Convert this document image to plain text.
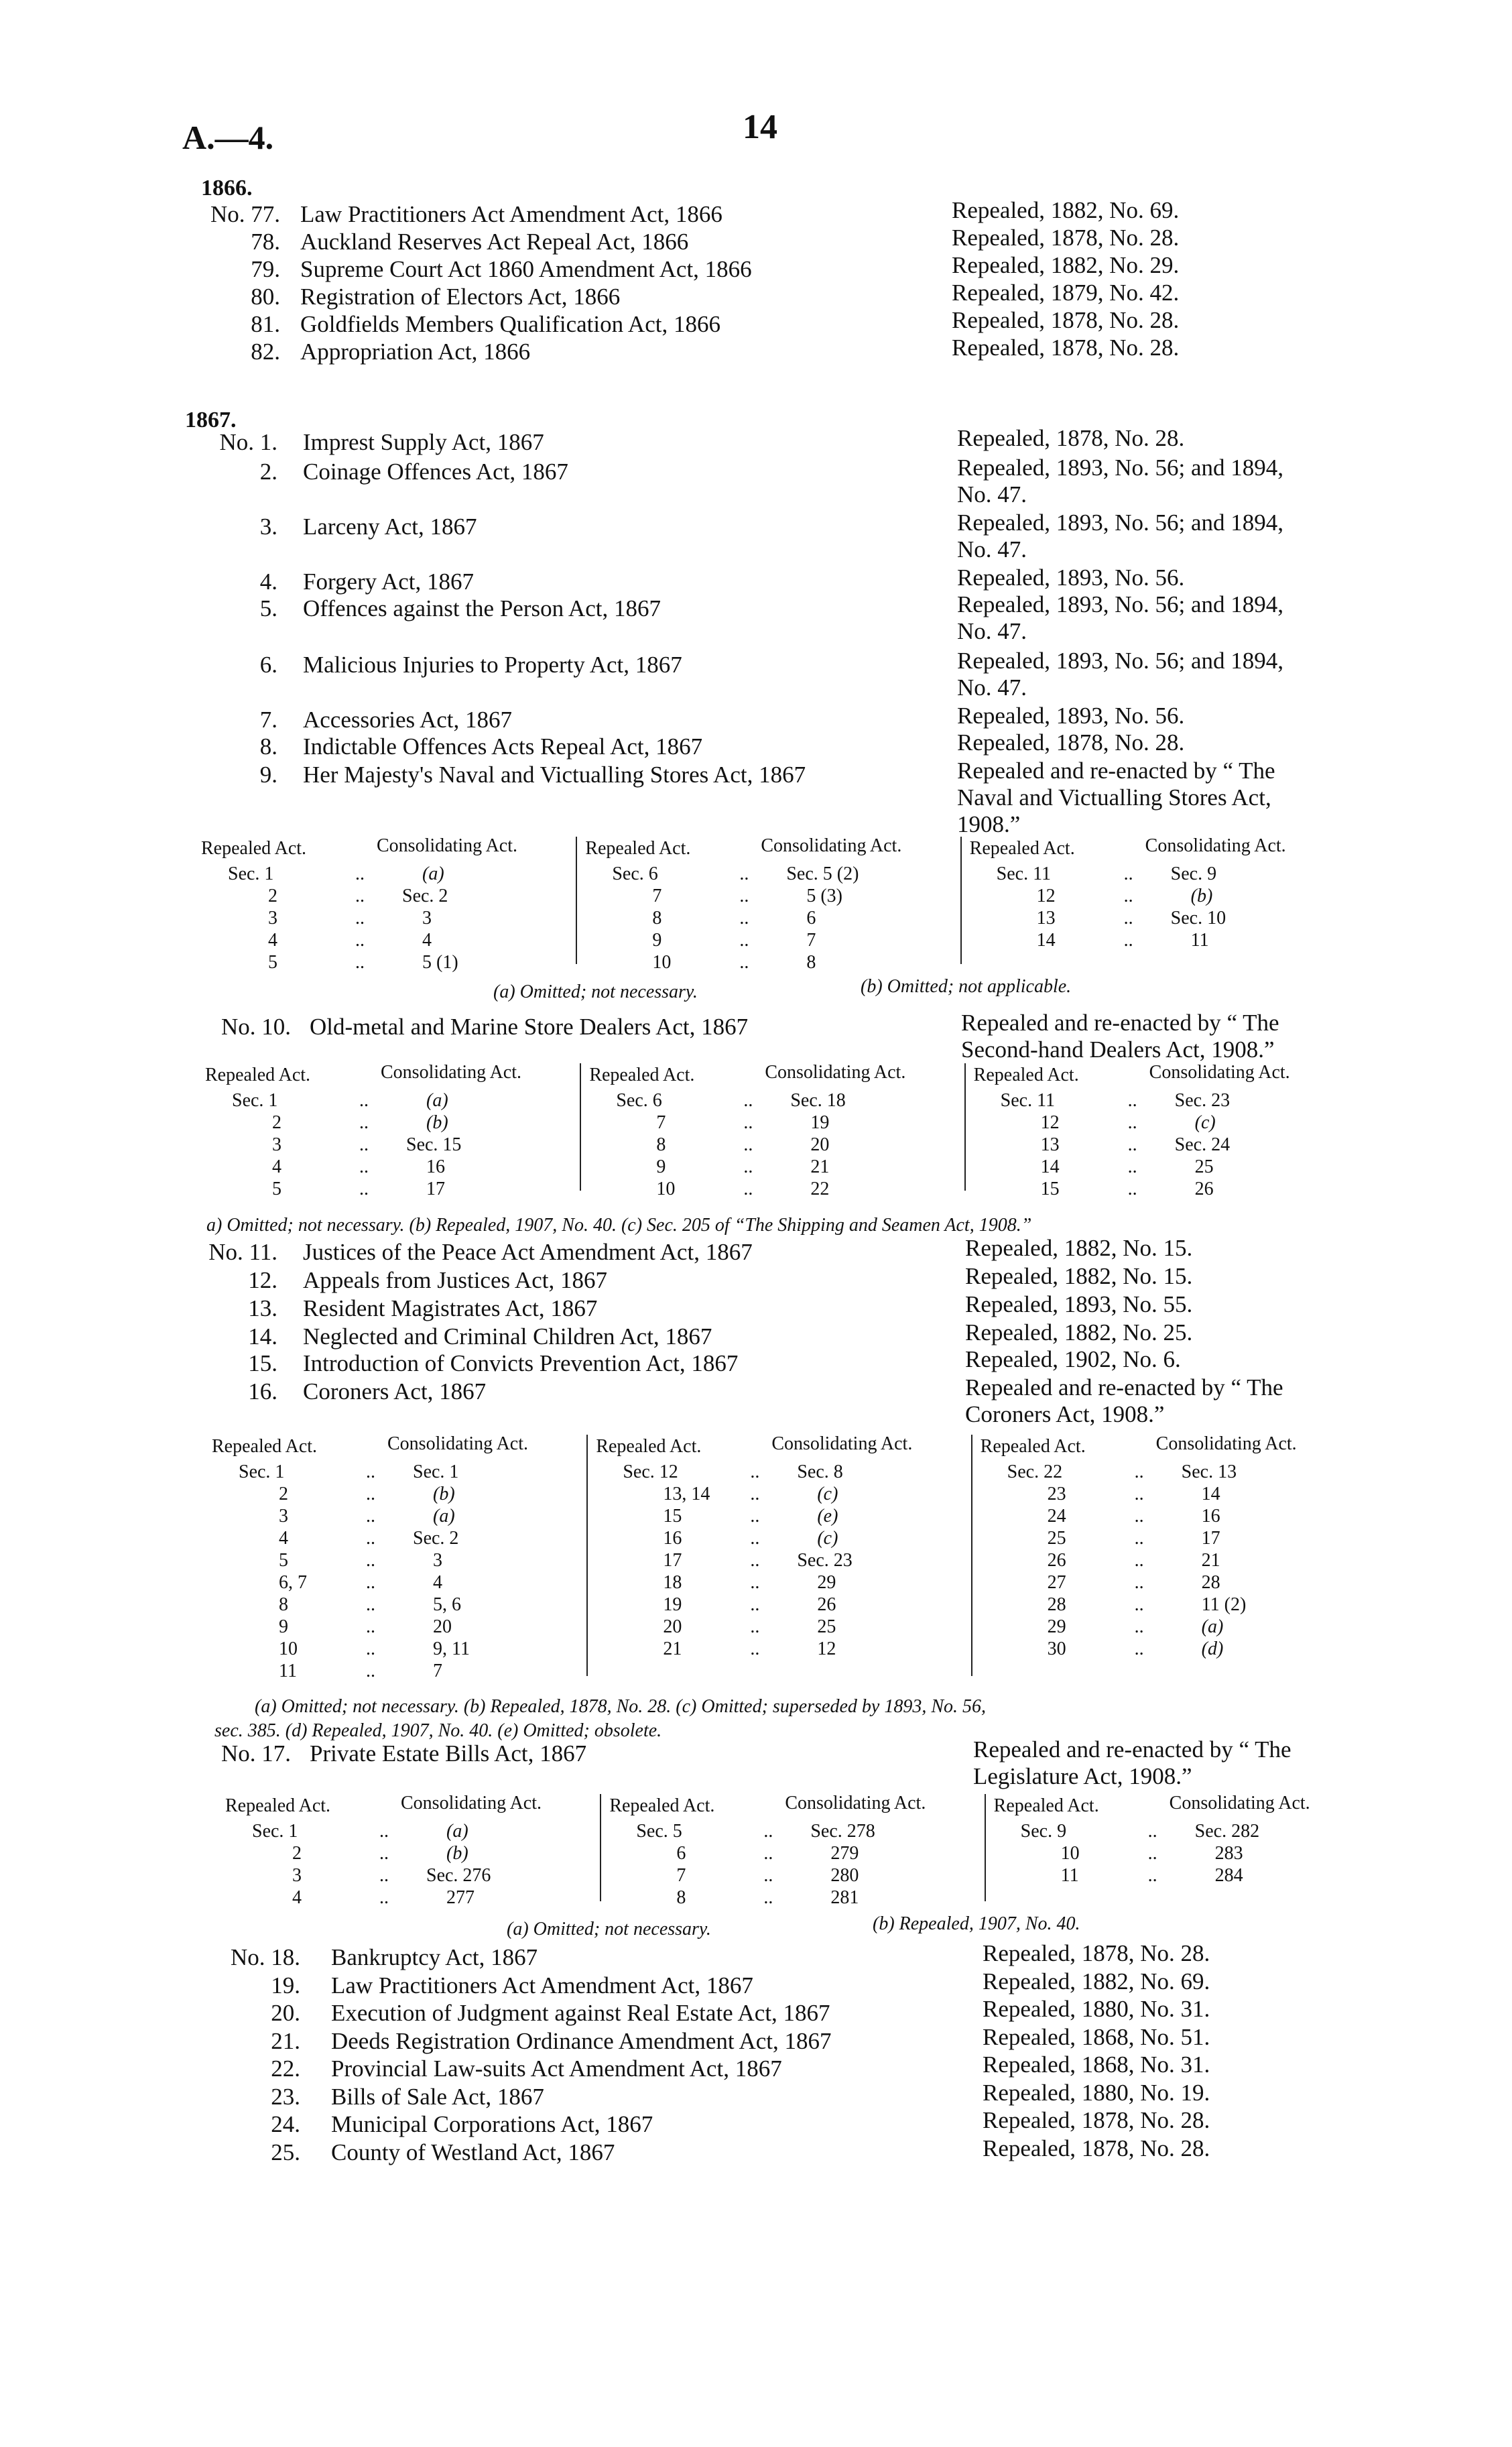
A.—4.	14
1866.
1867.
Repealed Act.	Consolidating Act.
Sec. 1	..	(a)
2	.. Sec. 2
3	..	3
4	..	4
5	..	5 (1)
Repealed Act.	Consolidating Act.
Sec. 6	.. Sec. 5 (2)
7	..	5 (3)
8	..	6
9	..	7
10	..	8
Repealed Act.	Consolidating Act.
Sec. 11	.. Sec. 9
12	..	(b)
13	.. Sec. 10
14	..	11
(a) Omitted; not necessary.	(b) Omitted; not applicable.
Repealed Act.	Consolidating Act.
Sec. 1	..	(a)
2	..	(b)
3	.. Sec. 15
4	..	16
5	..	17
Repealed Act.	Consolidating Act.
Sec. 6	.. Sec. 18
7	..	19
8	..	20
9	..	21
10	..	22
Repealed Act.	Consolidating Act.
Sec. 11	.. Sec. 23
12	..	(c)
13	.. Sec. 24
14	..	25
15	..	26
a) Omitted; not necessary. (b) Repealed, 1907, No. 40. (c) Sec. 205 of “The Shipping and Seamen Act, 1908.”
Repealed Act.	Consolidating Act.
Sec. 1	.. Sec. 1
2	..	(b)
3	..	(a)
4	.. Sec. 2
5	..	3
6, 7	..	4
8	..	5, 6
9	..	20
10	..	9, 11
11	..	7
Repealed Act.	Consolidating Act.
Sec. 12	.. Sec. 8
13, 14 ..	(c)
15	..	(e)
16	..	(c)
17	.. Sec. 23
18	..	29
19	..	26
20	..	25
21	..	12
Repealed Act.	Consolidating Act.
Sec. 22	.. Sec. 13
23	..	14
24	..	16
25	..	17
26	..	21
27	..	28
28	..	11 (2)
29	..	(a)
30	..	(d)
(a) Omitted; not necessary. (b) Repealed, 1878, No. 28. (c) Omitted; superseded by 1893, No. 56,
sec. 385. (d) Repealed, 1907, No. 40. (e) Omitted; obsolete.
Repealed Act.	Consolidating Act.
Sec. 1	..	(a)
2	..	(b)
3	.. Sec. 276
4	..	277
Repealed Act.	Consolidating Act.
Sec. 5	.. Sec. 278
6	..	279
7	..	280
8	..	281
Repealed Act.	Consolidating Act.
Sec. 9	.. Sec. 282
10	..	283
11	..	284
(a) Omitted; not necessary.	(b) Repealed, 1907, No. 40.
No. 77. Law Practitioners Act Amendment Act, 1866	Repealed, 1882, No. 69.
78. Auckland Reserves Act Repeal Act, 1866	Repealed, 1878, No. 28.
79. Supreme Court Act 1860 Amendment Act, 1866	Repealed, 1882, No. 29.
80. Registration of Electors Act, 1866	Repealed, 1879, No. 42.
81. Goldfields Members Qualification Act, 1866	Repealed, 1878, No. 28.
82. Appropriation Act, 1866	Repealed, 1878, No. 28.
No. 1. Imprest Supply Act, 1867	Repealed, 1878, No. 28.
2. Coinage Offences Act, 1867	Repealed, 1893, No. 56; and 1894,
No. 47.
3. Larceny Act, 1867	Repealed, 1893, No. 56; and 1894,
No. 47.
4. Forgery Act, 1867	Repealed, 1893, No. 56.
5. Offences against the Person Act, 1867	Repealed, 1893, No. 56; and 1894,
No. 47.
6. Malicious Injuries to Property Act, 1867	Repealed, 1893, No. 56; and 1894,
No. 47.
7. Accessories Act, 1867	Repealed, 1893, No. 56.
8. Indictable Offences Acts Repeal Act, 1867	Repealed, 1878, No. 28.
9. Her Majesty's Naval and Victualling Stores Act, 1867	Repealed and re-enacted by “ The
Naval and Victualling Stores Act,
1908.”
No. 11. Justices of the Peace Act Amendment Act, 1867	Repealed, 1882, No. 15.
12. Appeals from Justices Act, 1867	Repealed, 1882, No. 15.
13. Resident Magistrates Act, 1867	Repealed, 1893, No. 55.
14. Neglected and Criminal Children Act, 1867	Repealed, 1882, No. 25.
15. Introduction of Convicts Prevention Act, 1867	Repealed, 1902, No. 6.
16. Coroners Act, 1867	Repealed and re-enacted by “ The
Coroners Act, 1908.”
No. 18. Bankruptcy Act, 1867	Repealed, 1878, No. 28.
19. Law Practitioners Act Amendment Act, 1867	Repealed, 1882, No. 69.
20. Execution of Judgment against Real Estate Act, 1867	Repealed, 1880, No. 31.
21. Deeds Registration Ordinance Amendment Act, 1867	Repealed, 1868, No. 51.
22. Provincial Law-suits Act Amendment Act, 1867	Repealed, 1868, No. 31.
23. Bills of Sale Act, 1867	Repealed, 1880, No. 19.
24. Municipal Corporations Act, 1867	Repealed, 1878, No. 28.
25. County of Westland Act, 1867	Repealed, 1878, No. 28.
No. 10. Old-metal and Marine Store Dealers Act, 1867	Repealed and re-enacted by “ The
Second-hand Dealers Act, 1908.”
No. 17. Private Estate Bills Act, 1867	Repealed and re-enacted by “ The
Legislature Act, 1908.”
